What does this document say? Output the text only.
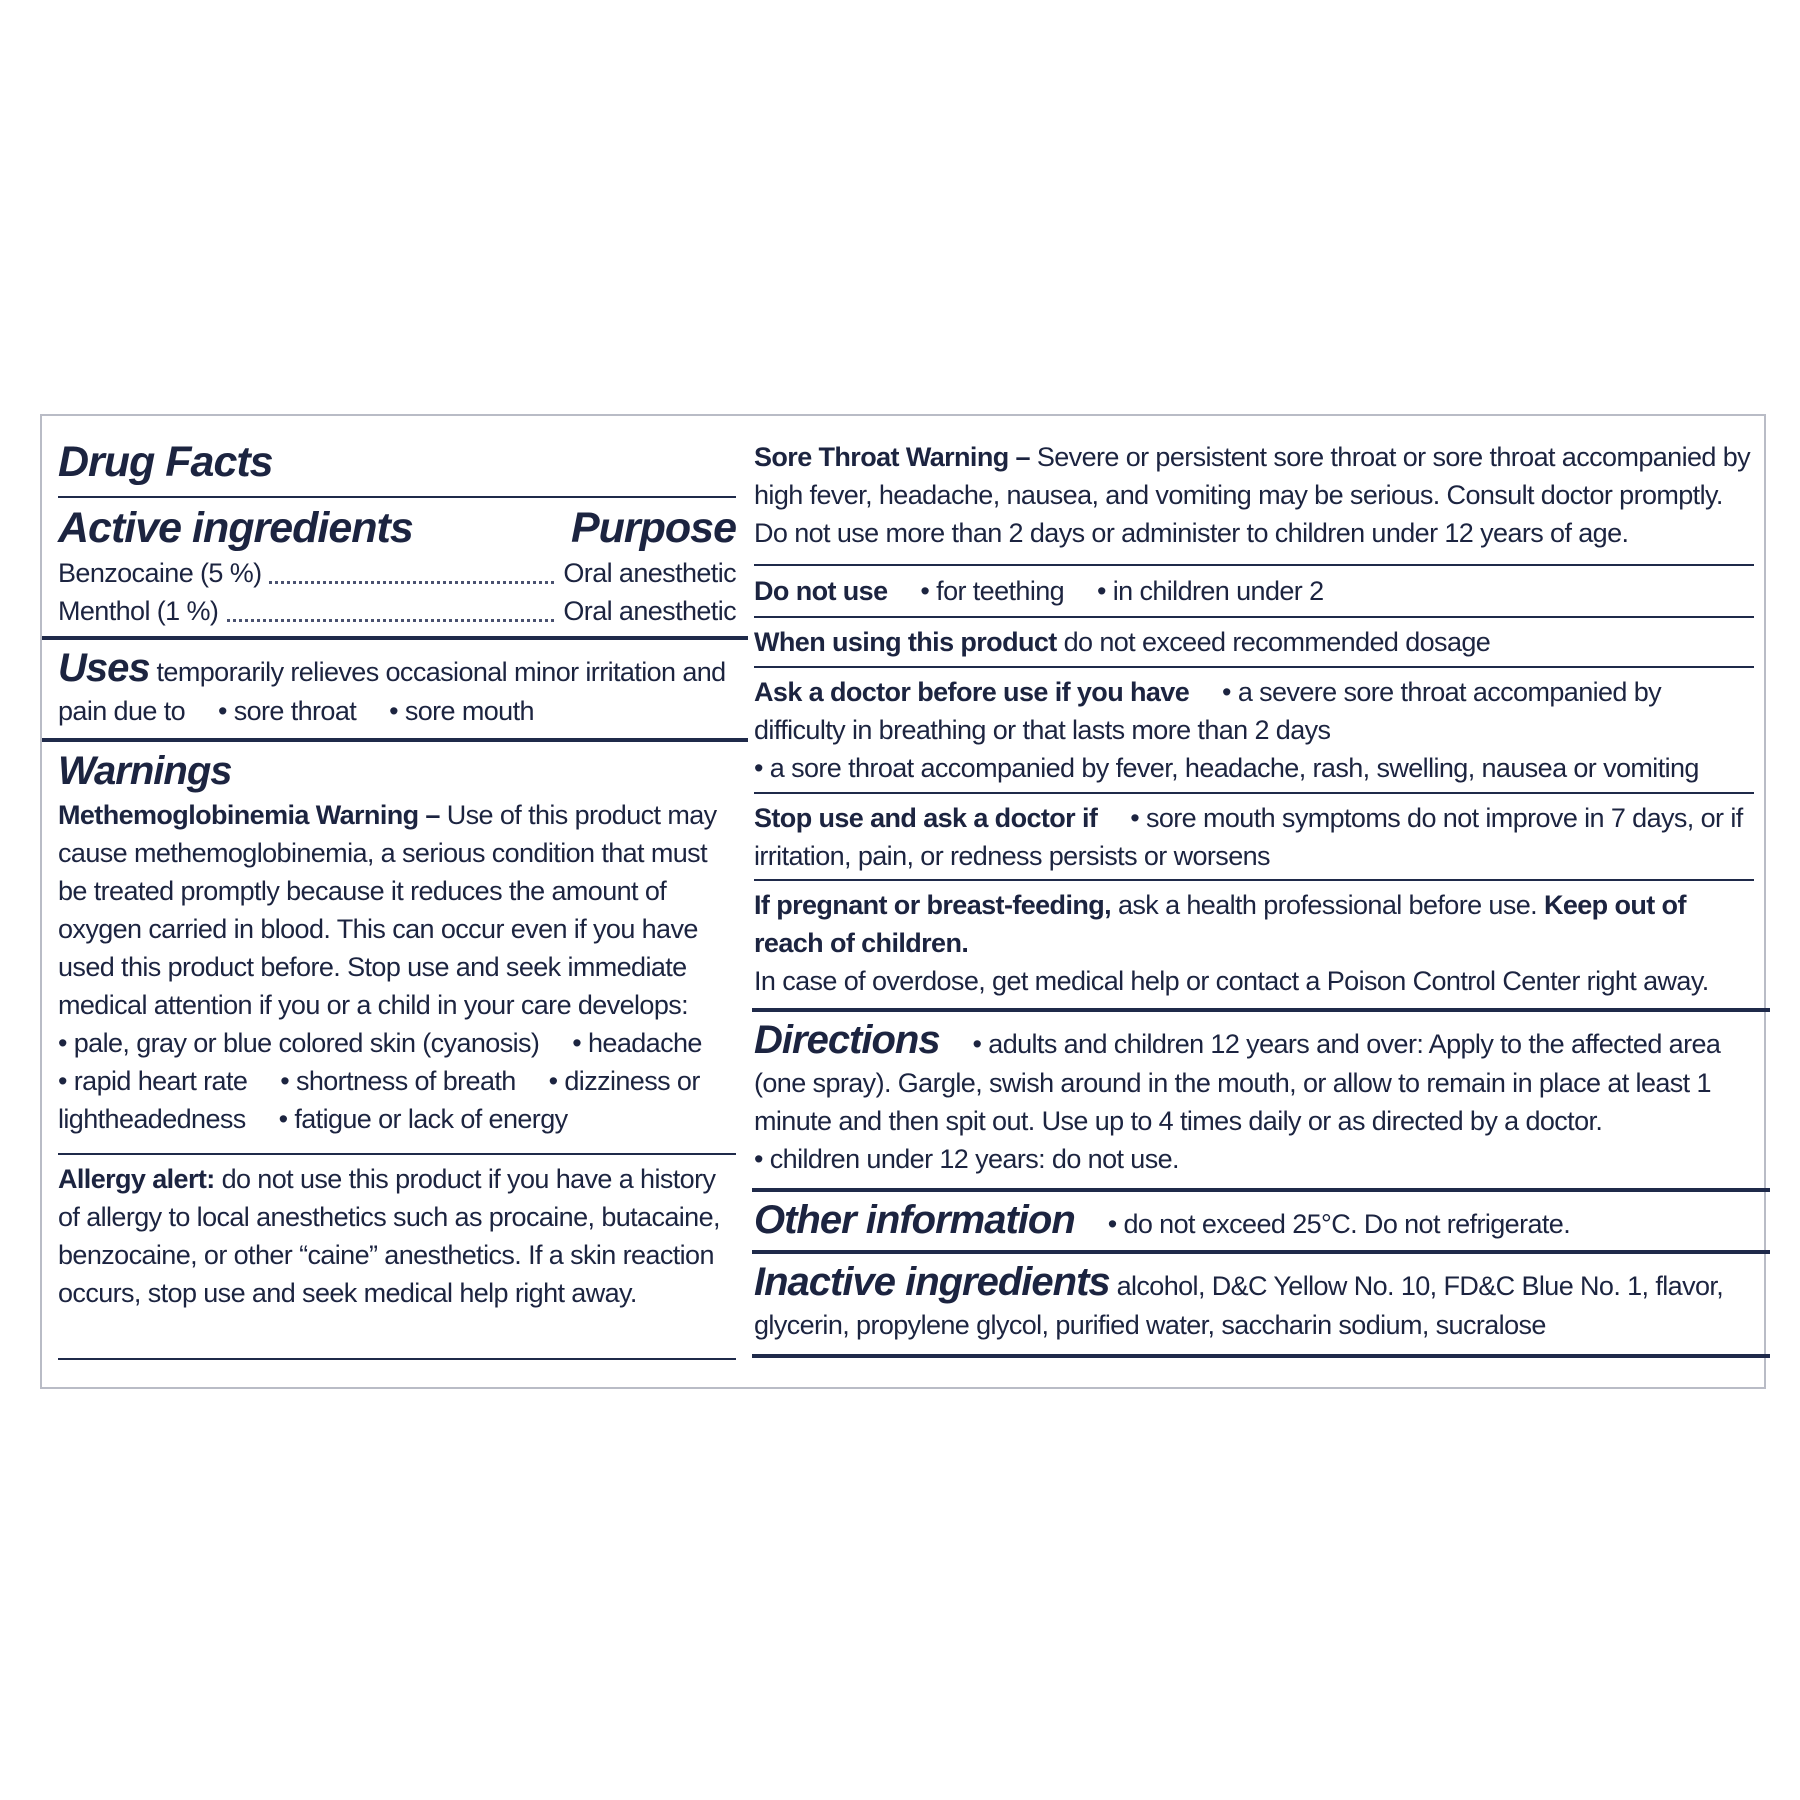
Drug Facts
Active ingredients	Purpose
Benzocaine (5 %)	Oral anesthetic
Menthol (1 %)	Oral anesthetic

Uses temporarily relieves occasional minor irritation and pain due to • sore throat • sore mouth

Warnings

Methemoglobinemia Warning – Use of this product may cause methemoglobinemia, a serious condition that must be treated promptly because it reduces the amount of oxygen carried in blood. This can occur even if you have used this product before. Stop use and seek immediate medical attention if you or a child in your care develops: • pale, gray or blue colored skin (cyanosis) • headache • rapid heart rate • shortness of breath • dizziness or lightheadedness • fatigue or lack of energy

Allergy alert: do not use this product if you have a history of allergy to local anesthetics such as procaine, butacaine, benzocaine, or other “caine” anesthetics. If a skin reaction occurs, stop use and seek medical help right away.

Sore Throat Warning – Severe or persistent sore throat or sore throat accompanied by high fever, headache, nausea, and vomiting may be serious. Consult doctor promptly. Do not use more than 2 days or administer to children under 12 years of age.

Do not use • for teething • in children under 2

When using this product do not exceed recommended dosage

Ask a doctor before use if you have • a severe sore throat accompanied by difficulty in breathing or that lasts more than 2 days
• a sore throat accompanied by fever, headache, rash, swelling, nausea or vomiting

Stop use and ask a doctor if • sore mouth symptoms do not improve in 7 days, or if irritation, pain, or redness persists or worsens

If pregnant or breast-feeding, ask a health professional before use. Keep out of reach of children.
In case of overdose, get medical help or contact a Poison Control Center right away.

Directions • adults and children 12 years and over: Apply to the affected area (one spray). Gargle, swish around in the mouth, or allow to remain in place at least 1 minute and then spit out. Use up to 4 times daily or as directed by a doctor.
• children under 12 years: do not use.

Other information • do not exceed 25°C. Do not refrigerate.

Inactive ingredients alcohol, D&C Yellow No. 10, FD&C Blue No. 1, flavor, glycerin, propylene glycol, purified water, saccharin sodium, sucralose
